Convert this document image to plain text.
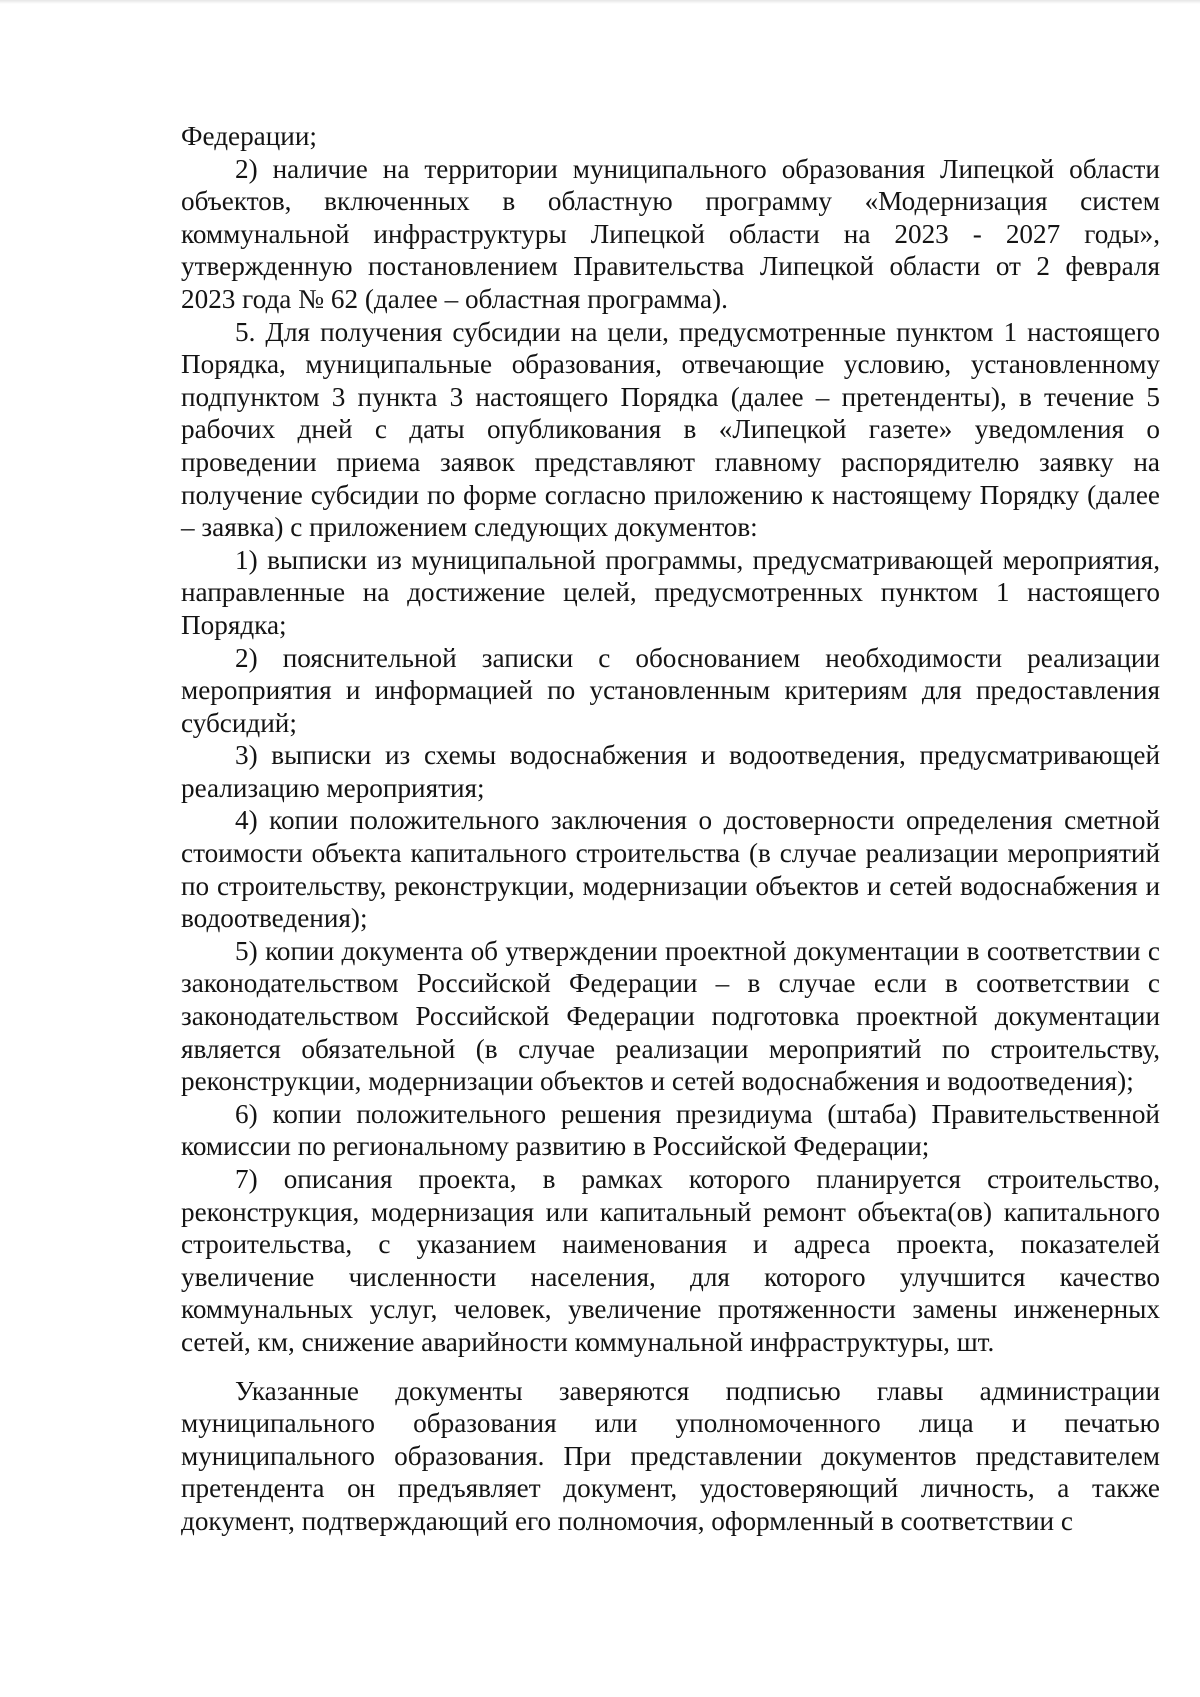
Федерации;

2) наличие на территории муниципального образования Липецкой области объектов, включенных в областную программу «Модернизация систем коммунальной инфраструктуры Липецкой области на 2023 - 2027 годы», утвержденную постановлением Правительства Липецкой области от 2 февраля 2023 года № 62 (далее – областная программа).

5. Для получения субсидии на цели, предусмотренные пунктом 1 настоящего Порядка, муниципальные образования, отвечающие условию, установленному подпунктом 3 пункта 3 настоящего Порядка (далее – претенденты), в течение 5 рабочих дней с даты опубликования в «Липецкой газете» уведомления о проведении приема заявок представляют главному распорядителю заявку на получение субсидии по форме согласно приложению к настоящему Порядку (далее – заявка) с приложением следующих документов:

1) выписки из муниципальной программы, предусматривающей мероприятия, направленные на достижение целей, предусмотренных пунктом 1 настоящего Порядка;

2) пояснительной записки с обоснованием необходимости реализации мероприятия и информацией по установленным критериям для предоставления субсидий;

3) выписки из схемы водоснабжения и водоотведения, предусматривающей реализацию мероприятия;

4) копии положительного заключения о достоверности определения сметной стоимости объекта капитального строительства (в случае реализации мероприятий по строительству, реконструкции, модернизации объектов и сетей водоснабжения и водоотведения);

5) копии документа об утверждении проектной документации в соответствии с законодательством Российской Федерации – в случае если в соответствии с законодательством Российской Федерации подготовка проектной документации является обязательной (в случае реализации мероприятий по строительству, реконструкции, модернизации объектов и сетей водоснабжения и водоотведения);

6) копии положительного решения президиума (штаба) Правительственной комиссии по региональному развитию в Российской Федерации;

7) описания проекта, в рамках которого планируется строительство, реконструкция, модернизация или капитальный ремонт объекта(ов) капитального строительства, с указанием наименования и адреса проекта, показателей увеличение численности населения, для которого улучшится качество коммунальных услуг, человек, увеличение протяженности замены инженерных сетей, км, снижение аварийности коммунальной инфраструктуры, шт.

Указанные документы заверяются подписью главы администрации муниципального образования или уполномоченного лица и печатью муниципального образования. При представлении документов представителем претендента он предъявляет документ, удостоверяющий личность, а также документ, подтверждающий его полномочия, оформленный в соответствии с
